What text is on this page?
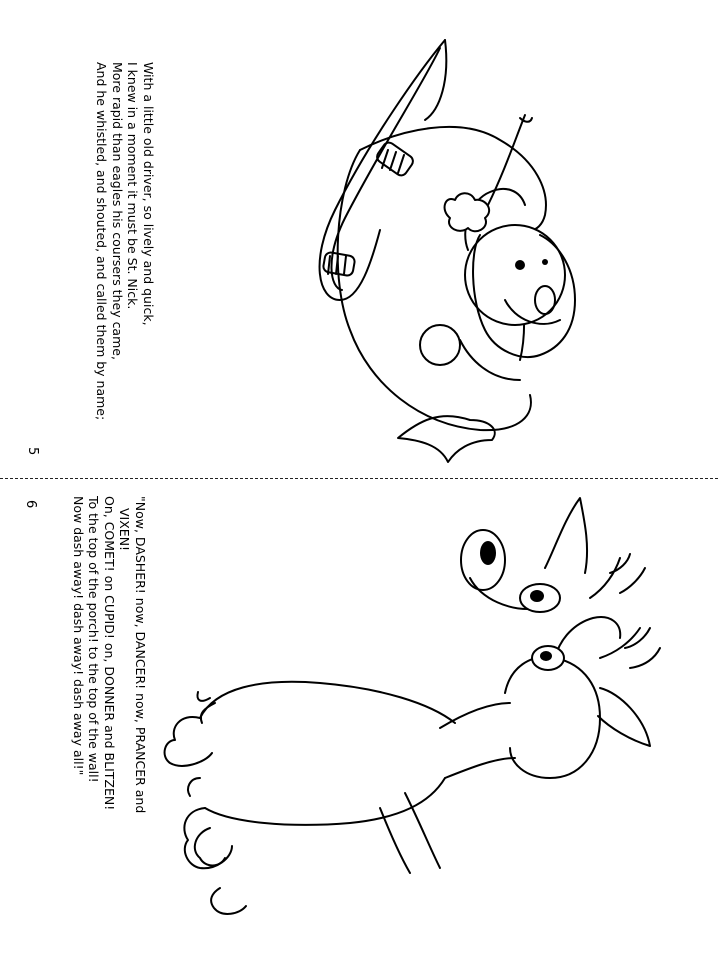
With a little old driver, so lively and quick,
I knew in a moment it must be St. Nick.
More rapid than eagles his coursers they came,
And he whistled, and shouted, and called them by name;
5
"Now, DASHER! now, DANCER! now, PRANCER and
VIXEN!
On, COMET! on CUPID! on, DONNER and BLITZEN!
To the top of the porch! to the top of the wall!
Now dash away! dash away! dash away all!"
6
